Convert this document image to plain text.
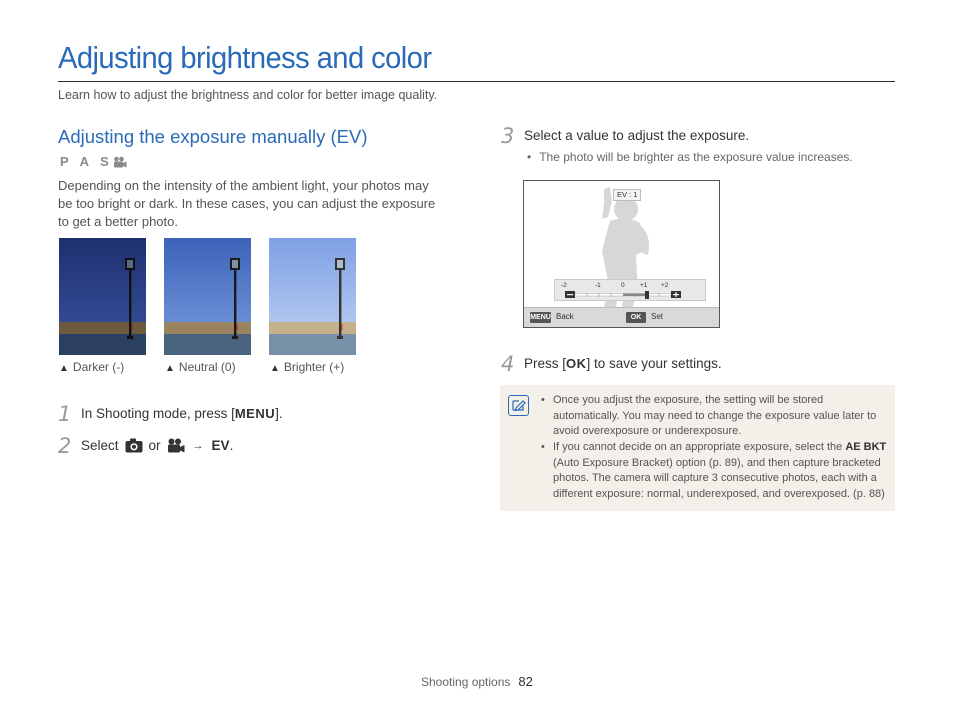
Adjusting brightness and color
Learn how to adjust the brightness and color for better image quality.
Adjusting the exposure manually (EV)
P A S
Depending on the intensity of the ambient light, your photos may be too bright or dark. In these cases, you can adjust the exposure to get a better photo.
▲ Darker (-)	▲ Neutral (0)	▲ Brighter (+)
1 In Shooting mode, press [ MENU ].
2 Select or	→ EV .
3 Select a value to adjust the exposure.
• The photo will be brighter as the exposure value increases.
EV : 1
-2	-1	0 +1 +2
MENU Back	OK	Set
4 Press [ OK ] to save your settings.
• Once you adjust the exposure, the setting will be stored automatically. You may need to change the exposure value later to avoid overexposure or underexposure.
• If you cannot decide on an appropriate exposure, select the AE BKT (Auto Exposure Bracket) option (p. 89), and then capture bracketed photos. The camera will capture 3 consecutive photos, each with a different exposure: normal, underexposed, and overexposed. (p. 88)
Shooting options 82
